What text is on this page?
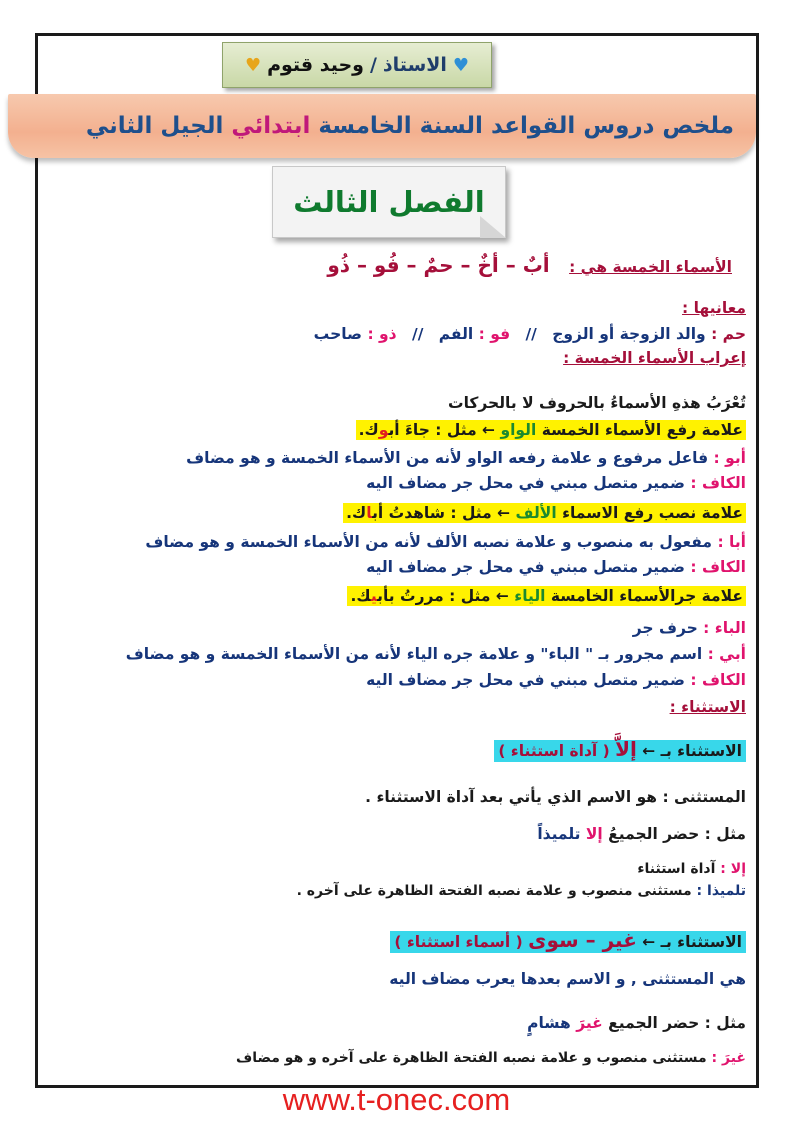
♥
الاستاذ
/
وحيد قتوم
♥
ملخص دروس القواعد السنة الخامسة
ابتدائي
الجيل الثاني
الفصل الثالث
الأسماء الخمسة هي : أبٌ – أخٌ – حمٌ – فُو – ذُو
معانيها :
حم : والد الزوجة أو الزوج // فو : الفم // ذو : صاحب
إعراب الأسماء الخمسة :
تُعْرَبُ هذهِ الأسماءُ بالحروف لا بالحركات
علامة رفع الأسماء الخمسة الواو ← مثل : جاءَ أبوك.
أبو : فاعل مرفوع و علامة رفعه الواو لأنه من الأسماء الخمسة و هو مضاف
الكاف : ضمير متصل مبني في محل جر مضاف اليه
علامة نصب رفع الاسماء الألف ← مثل : شاهدتُ أباك.
أبا : مفعول به منصوب و علامة نصبه الألف لأنه من الأسماء الخمسة و هو مضاف
الكاف : ضمير متصل مبني في محل جر مضاف اليه
علامة جرالأسماء الخامسة الياء ← مثل : مررتُ بأبيك.
الباء : حرف جر
أبي : اسم مجرور بـ " الباء" و علامة جره الياء لأنه من الأسماء الخمسة و هو مضاف
الكاف : ضمير متصل مبني في محل جر مضاف اليه
الاستثناء :
الاستثناء بـ ← إلاَّ ( آداة استثناء )
المستثنى : هو الاسم الذي يأتي بعد آداة الاستثناء .
مثل : حضر الجميعُ إلا تلميذاً
إلا : آداة استثناء
تلميذا : مستثنى منصوب و علامة نصبه الفتحة الظاهرة على آخره .
الاستثناء بـ ← غير – سوى ( أسماء استثناء )
هي المستثنى , و الاسم بعدها يعرب مضاف اليه
مثل : حضر الجميع غيرَ هشامٍ
غيرَ : مستثنى منصوب و علامة نصبه الفتحة الظاهرة على آخره و هو مضاف
www.t-onec.com
